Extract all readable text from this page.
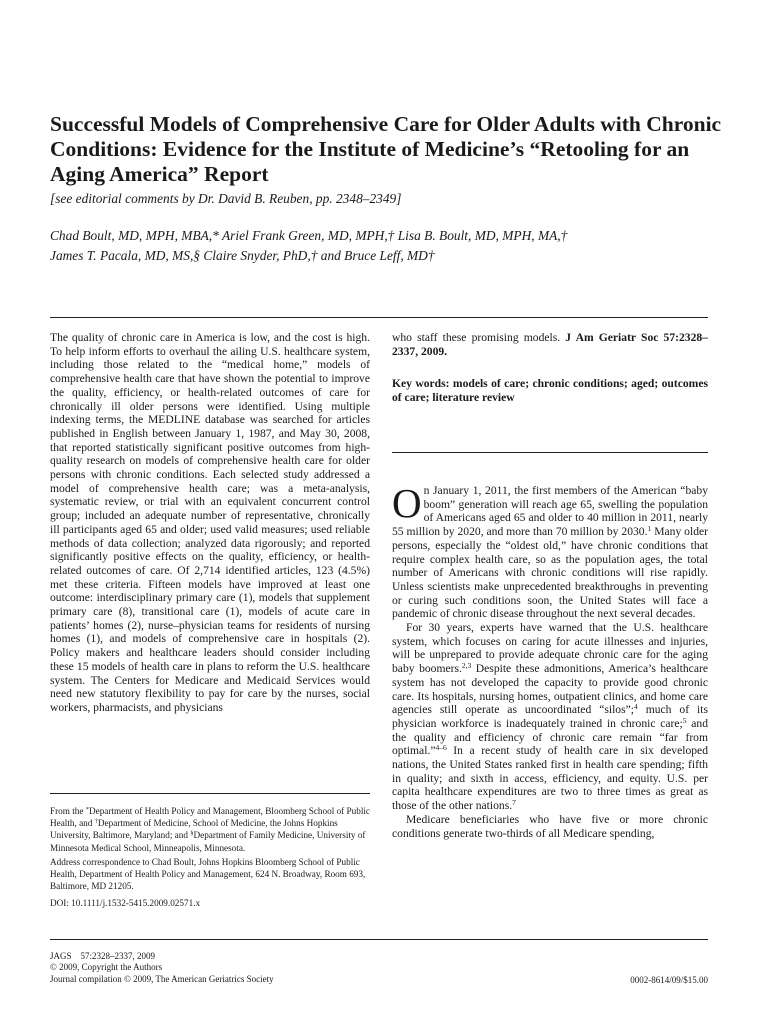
Successful Models of Comprehensive Care for Older Adults with Chronic Conditions: Evidence for the Institute of Medicine’s “Retooling for an Aging America” Report
[see editorial comments by Dr. David B. Reuben, pp. 2348–2349]
Chad Boult, MD, MPH, MBA,* Ariel Frank Green, MD, MPH,† Lisa B. Boult, MD, MPH, MA,†
James T. Pacala, MD, MS,§ Claire Snyder, PhD,† and Bruce Leff, MD†

The quality of chronic care in America is low, and the cost is high. To help inform efforts to overhaul the ailing U.S. healthcare system, including those related to the “medical home,” models of comprehensive health care that have shown the potential to improve the quality, efficiency, or health-related outcomes of care for chronically ill older persons were identified. Using multiple indexing terms, the MEDLINE database was searched for articles published in English between January 1, 1987, and May 30, 2008, that reported statistically significant positive outcomes from high-quality research on models of comprehensive health care for older persons with chronic conditions. Each selected study addressed a model of comprehensive health care; was a meta-analysis, systematic review, or trial with an equivalent concurrent control group; included an adequate number of representative, chronically ill participants aged 65 and older; used valid measures; used reliable methods of data collection; analyzed data rigorously; and reported significantly positive effects on the quality, efficiency, or health-related outcomes of care. Of 2,714 identified articles, 123 (4.5%) met these criteria. Fifteen models have improved at least one outcome: interdisciplinary primary care (1), models that supplement primary care (8), transitional care (1), models of acute care in patients’ homes (2), nurse–physician teams for residents of nursing homes (1), and models of comprehensive care in hospitals (2). Policy makers and healthcare leaders should consider including these 15 models of health care in plans to reform the U.S. healthcare system. The Centers for Medicare and Medicaid Services would need new statutory flexibility to pay for care by the nurses, social workers, pharmacists, and physicians

who staff these promising models. J Am Geriatr Soc 57:2328–2337, 2009.

Key words: models of care; chronic conditions; aged; outcomes of care; literature review

On January 1, 2011, the first members of the American “baby boom” generation will reach age 65, swelling the population of Americans aged 65 and older to 40 million in 2011, nearly 55 million by 2020, and more than 70 million by 2030.$^1$ Many older persons, especially the “oldest old,” have chronic conditions that require complex health care, so as the population ages, the total number of Americans with chronic conditions will rise rapidly. Unless scientists make unprecedented breakthroughs in preventing or curing such conditions soon, the United States will face a pandemic of chronic disease throughout the next several decades.

For 30 years, experts have warned that the U.S. healthcare system, which focuses on caring for acute illnesses and injuries, will be unprepared to provide adequate chronic care for the aging baby boomers.$^{2,3}$ Despite these admonitions, America’s healthcare system has not developed the capacity to provide good chronic care. Its hospitals, nursing homes, outpatient clinics, and home care agencies still operate as uncoordinated “silos”;$^4$ much of its physician workforce is inadequately trained in chronic care;$^5$ and the quality and efficiency of chronic care remain “far from optimal.”$^{4-6}$ In a recent study of health care in six developed nations, the United States ranked first in health care spending; fifth in quality; and sixth in access, efficiency, and equity. U.S. per capita healthcare expenditures are two to three times as great as those of the other nations.$^7$

Medicare beneficiaries who have five or more chronic conditions generate two-thirds of all Medicare spending,

From the *Department of Health Policy and Management, Bloomberg School of Public Health, and †Department of Medicine, School of Medicine, the Johns Hopkins University, Baltimore, Maryland; and §Department of Family Medicine, University of Minnesota Medical School, Minneapolis, Minnesota.

Address correspondence to Chad Boult, Johns Hopkins Bloomberg School of Public Health, Department of Health Policy and Management, 624 N. Broadway, Room 693, Baltimore, MD 21205.
DOI: 10.1111/j.1532-5415.2009.02571.x

JAGS    57:2328–2337, 2009

© 2009, Copyright the Authors

Journal compilation © 2009, The American Geriatrics Society	0002-8614/09/$15.00
